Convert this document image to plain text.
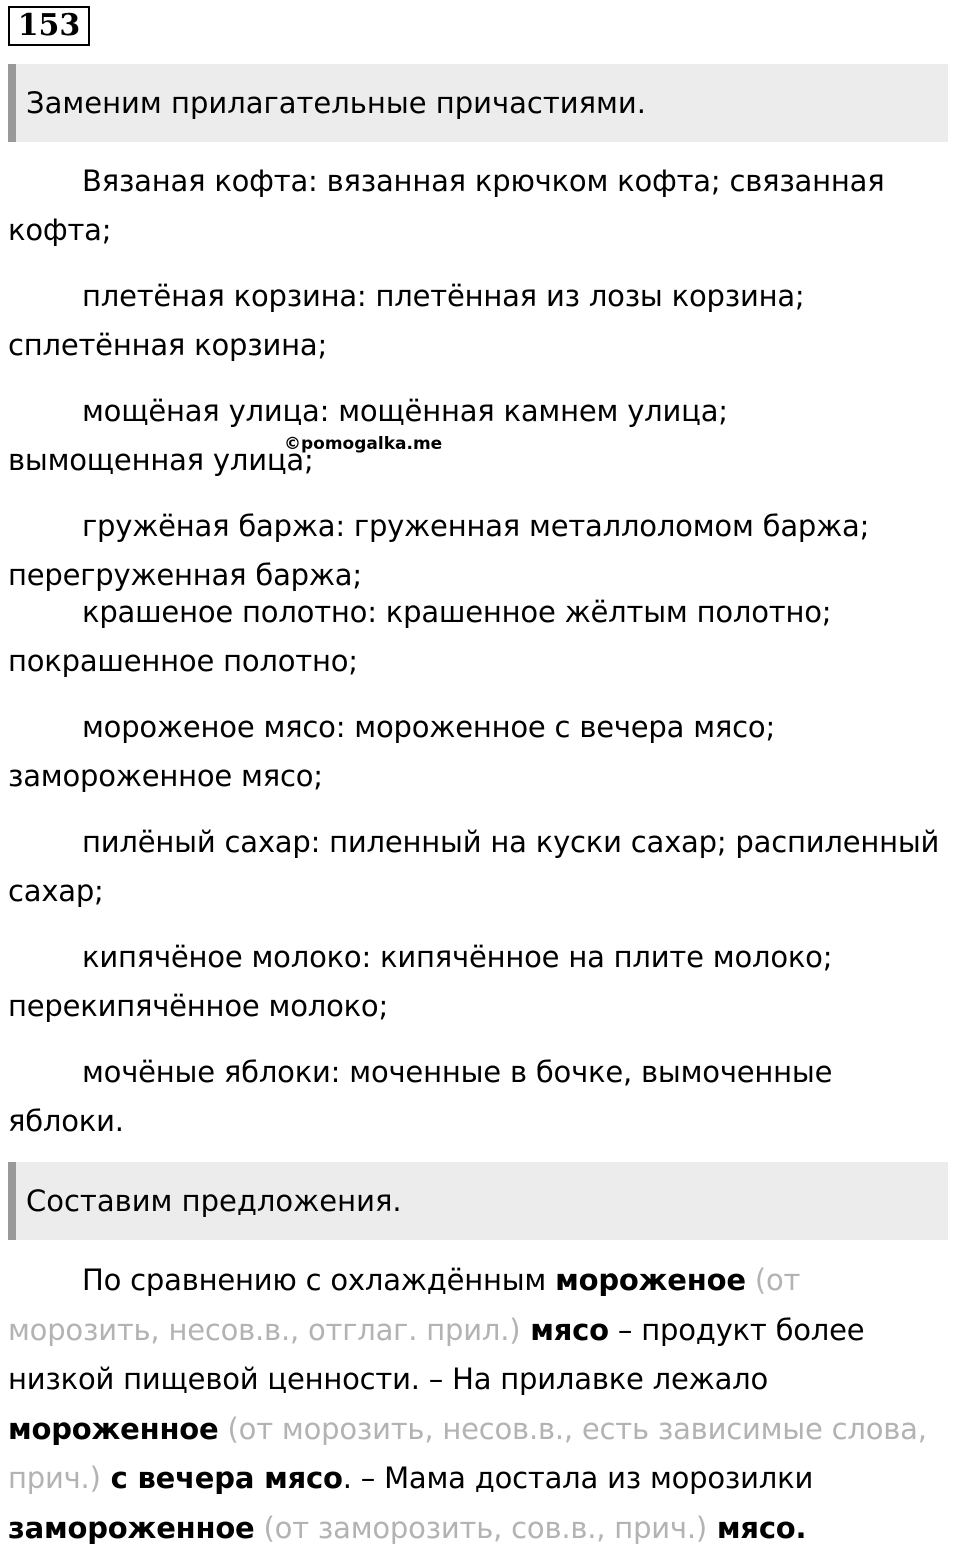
153
Заменим прилагательные причастиями.
Вязаная кофта: вязанная крючком кофта; связанная
кофта;
плетёная корзина: плетённая из лозы корзина;
сплетённая корзина;
мощёная улица: мощённая камнем улица;
вымощенная улица;
гружёная баржа: груженная металлоломом баржа;
перегруженная баржа;
крашеное полотно: крашенное жёлтым полотно;
покрашенное полотно;
мороженое мясо: мороженное с вечера мясо;
замороженное мясо;
пилёный сахар: пиленный на куски сахар; распиленный
сахар;
кипячёное молоко: кипячённое на плите молоко;
перекипячённое молоко;
мочёные яблоки: моченные в бочке, вымоченные
яблоки.
©pomogalka.me
Составим предложения.
По сравнению с охлаждённым мороженое (от
морозить, несов.в., отглаг. прил.) мясо – продукт более
низкой пищевой ценности. – На прилавке лежало
мороженное (от морозить, несов.в., есть зависимые слова,
прич.) с вечера мясо. – Мама достала из морозилки
замороженное (от заморозить, сов.в., прич.) мясо.
